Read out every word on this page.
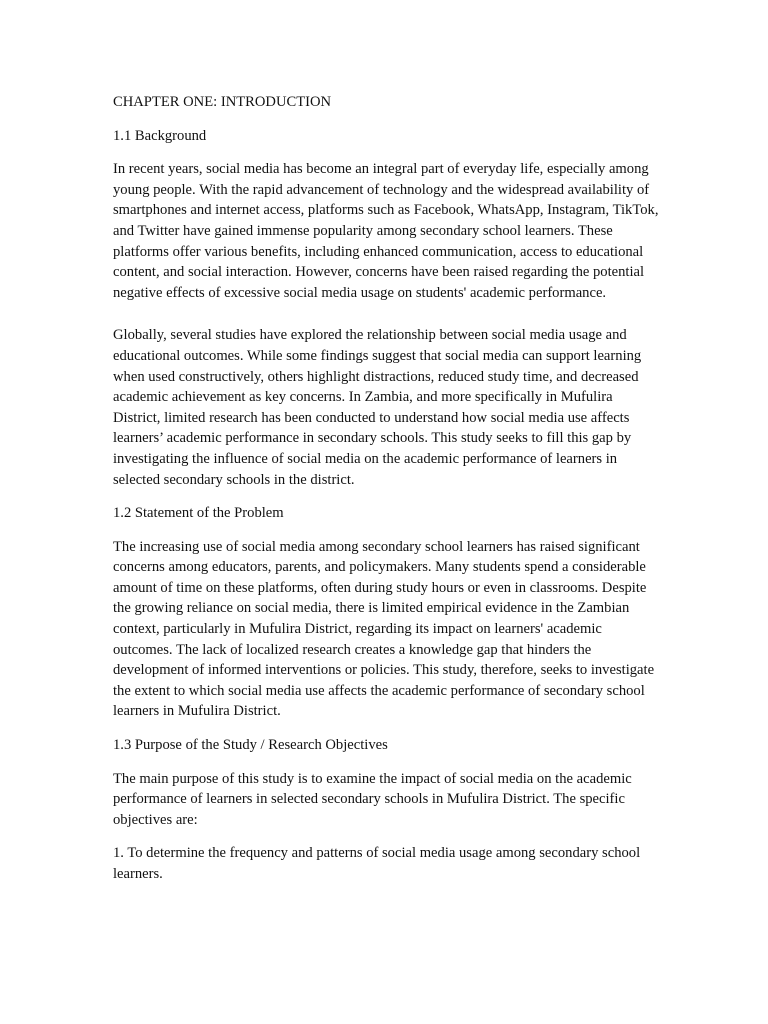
CHAPTER ONE: INTRODUCTION

1.1 Background

In recent years, social media has become an integral part of everyday life, especially among young people. With the rapid advancement of technology and the widespread availability of smartphones and internet access, platforms such as Facebook, WhatsApp, Instagram, TikTok, and Twitter have gained immense popularity among secondary school learners. These platforms offer various benefits, including enhanced communication, access to educational content, and social interaction. However, concerns have been raised regarding the potential negative effects of excessive social media usage on students' academic performance.

Globally, several studies have explored the relationship between social media usage and educational outcomes. While some findings suggest that social media can support learning when used constructively, others highlight distractions, reduced study time, and decreased academic achievement as key concerns. In Zambia, and more specifically in Mufulira District, limited research has been conducted to understand how social media use affects learners’ academic performance in secondary schools. This study seeks to fill this gap by investigating the influence of social media on the academic performance of learners in selected secondary schools in the district.

1.2 Statement of the Problem

The increasing use of social media among secondary school learners has raised significant concerns among educators, parents, and policymakers. Many students spend a considerable amount of time on these platforms, often during study hours or even in classrooms. Despite the growing reliance on social media, there is limited empirical evidence in the Zambian context, particularly in Mufulira District, regarding its impact on learners' academic outcomes. The lack of localized research creates a knowledge gap that hinders the development of informed interventions or policies. This study, therefore, seeks to investigate the extent to which social media use affects the academic performance of secondary school learners in Mufulira District.

1.3 Purpose of the Study / Research Objectives

The main purpose of this study is to examine the impact of social media on the academic performance of learners in selected secondary schools in Mufulira District. The specific objectives are:

1. To determine the frequency and patterns of social media usage among secondary school learners.
